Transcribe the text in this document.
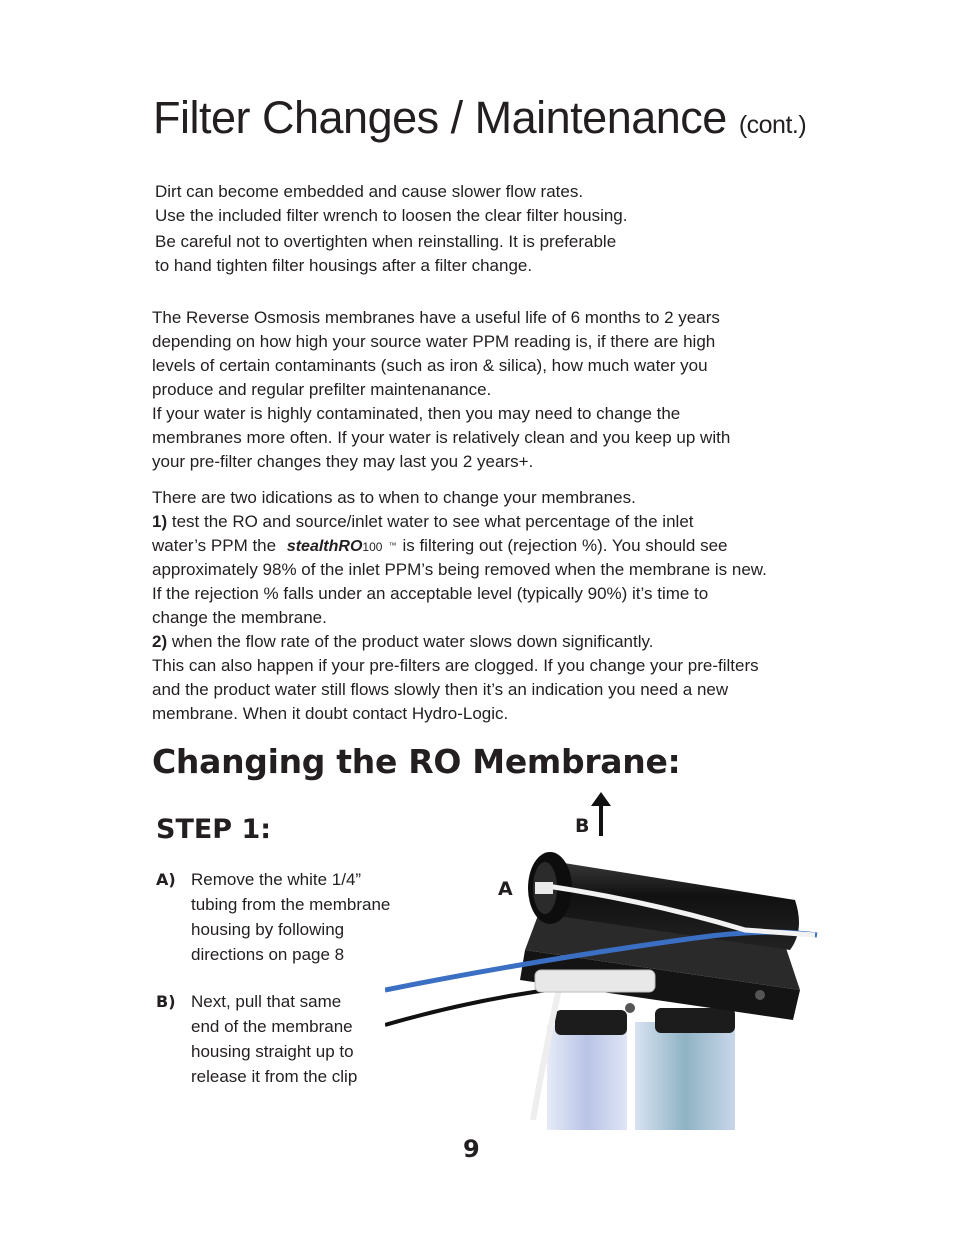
Filter Changes / Maintenance (cont.)
Dirt can become embedded and cause slower flow rates.
Use the included filter wrench to loosen the clear filter housing.
Be careful not to overtighten when reinstalling. It is preferable
to hand tighten filter housings after a filter change.
The Reverse Osmosis membranes have a useful life of 6 months to 2 years
depending on how high your source water PPM reading is, if there are high
levels of certain contaminants (such as iron & silica), how much water you
produce and regular prefilter maintenanance.
If your water is highly contaminated, then you may need to change the
membranes more often. If your water is relatively clean and you keep up with
your pre-filter changes they may last you 2 years+.
There are two idications as to when to change your membranes.
1) test the RO and source/inlet water to see what percentage of the inlet
water’s PPM the stealthRO100 ™ is filtering out (rejection %). You should see
approximately 98% of the inlet PPM’s being removed when the membrane is new.
If the rejection % falls under an acceptable level (typically 90%) it’s time to
change the membrane.
2) when the flow rate of the product water slows down significantly.
This can also happen if your pre-filters are clogged. If you change your pre-filters
and the product water still flows slowly then it’s an indication you need a new
membrane. When it doubt contact Hydro-Logic.
Changing the RO Membrane:
STEP 1:
A) Remove the white 1/4”
tubing from the membrane
housing by following
directions on page 8
B) Next, pull that same
end of the membrane
housing straight up to
release it from the clip
A
B
9
